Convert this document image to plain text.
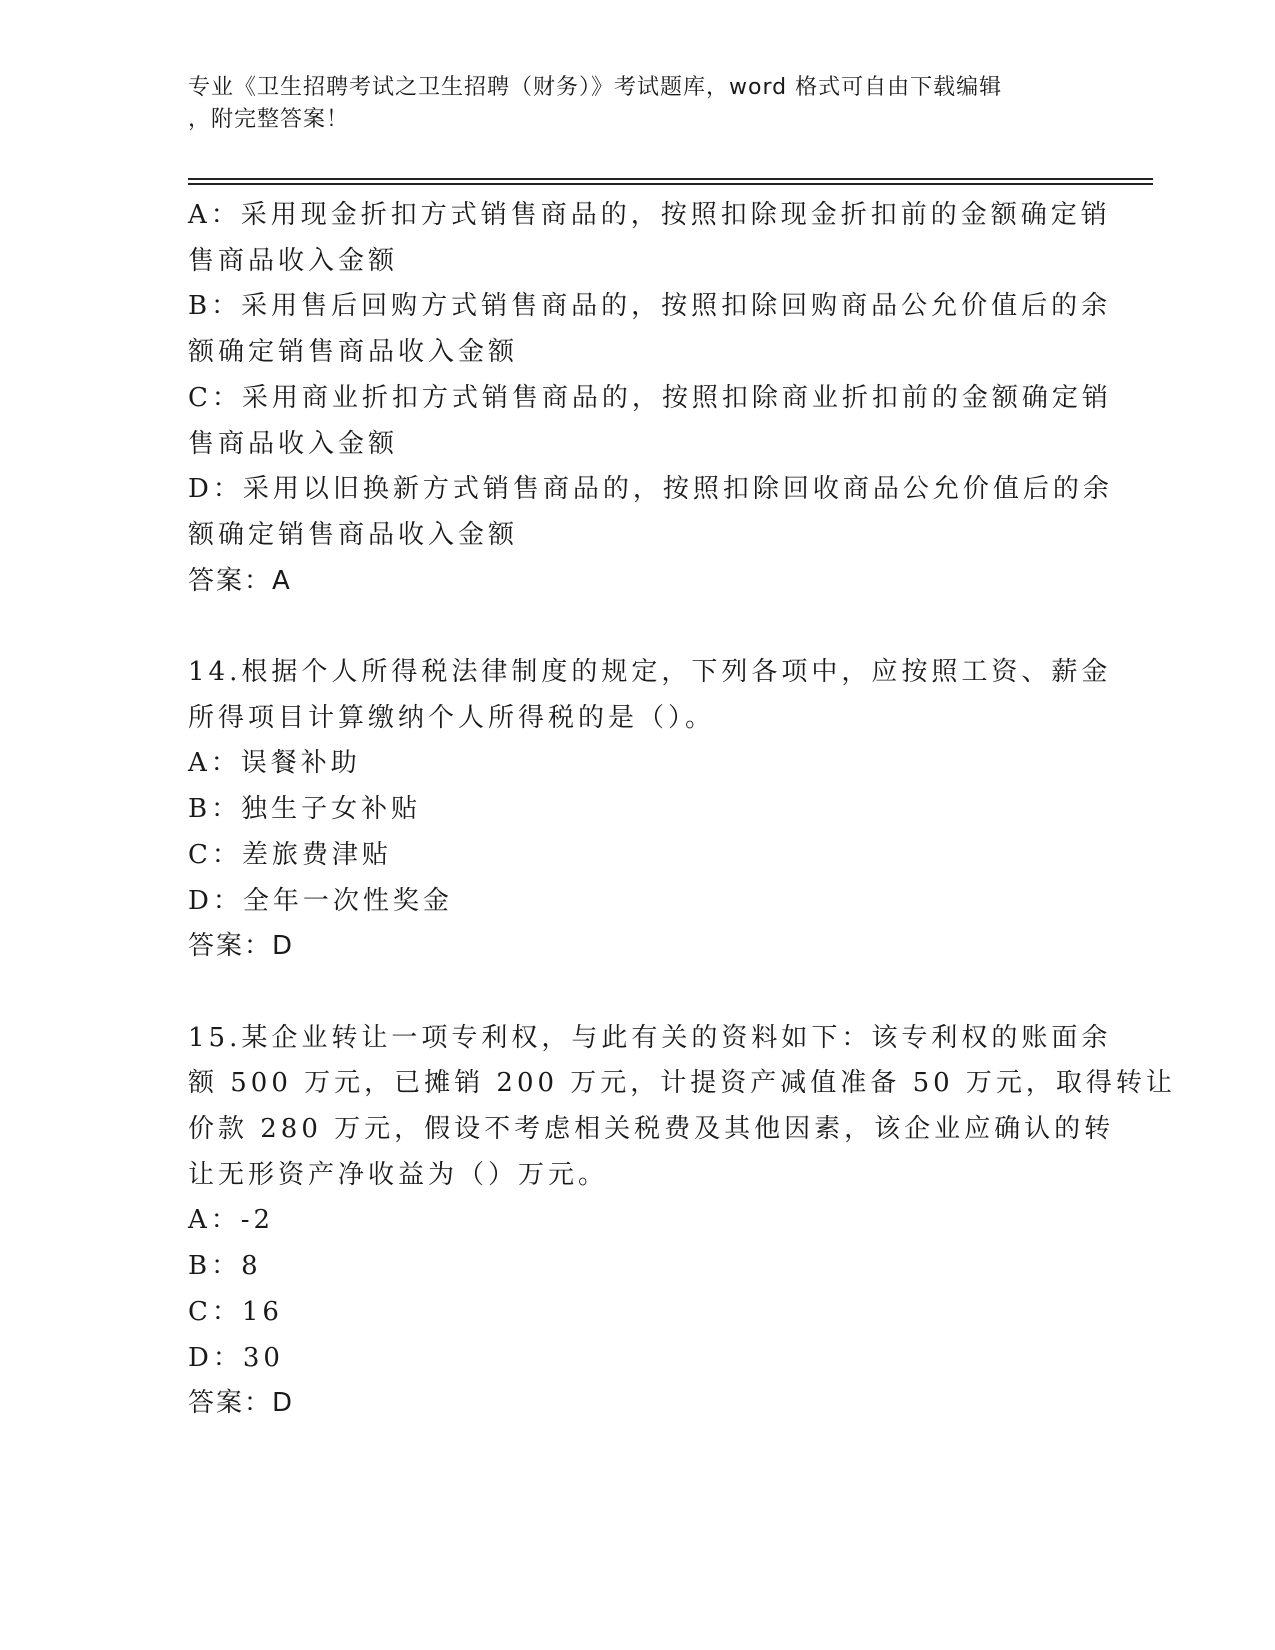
专业《卫生招聘考试之卫生招聘（财务）》考试题库，word 格式可自由下载编辑
，附完整答案！
A：采用现金折扣方式销售商品的，按照扣除现金折扣前的金额确定销
售商品收入金额
B：采用售后回购方式销售商品的，按照扣除回购商品公允价值后的余
额确定销售商品收入金额
C：采用商业折扣方式销售商品的，按照扣除商业折扣前的金额确定销
售商品收入金额
D：采用以旧换新方式销售商品的，按照扣除回收商品公允价值后的余
额确定销售商品收入金额
答案：A
14.根据个人所得税法律制度的规定，下列各项中，应按照工资、薪金
所得项目计算缴纳个人所得税的是（）。
A：误餐补助
B：独生子女补贴
C：差旅费津贴
D：全年一次性奖金
答案：D
15.某企业转让一项专利权，与此有关的资料如下：该专利权的账面余
额 500 万元，已摊销 200 万元，计提资产减值准备 50 万元，取得转让
价款 280 万元，假设不考虑相关税费及其他因素，该企业应确认的转
让无形资产净收益为（）万元。
A：-2
B：8
C：16
D：30
答案：D
